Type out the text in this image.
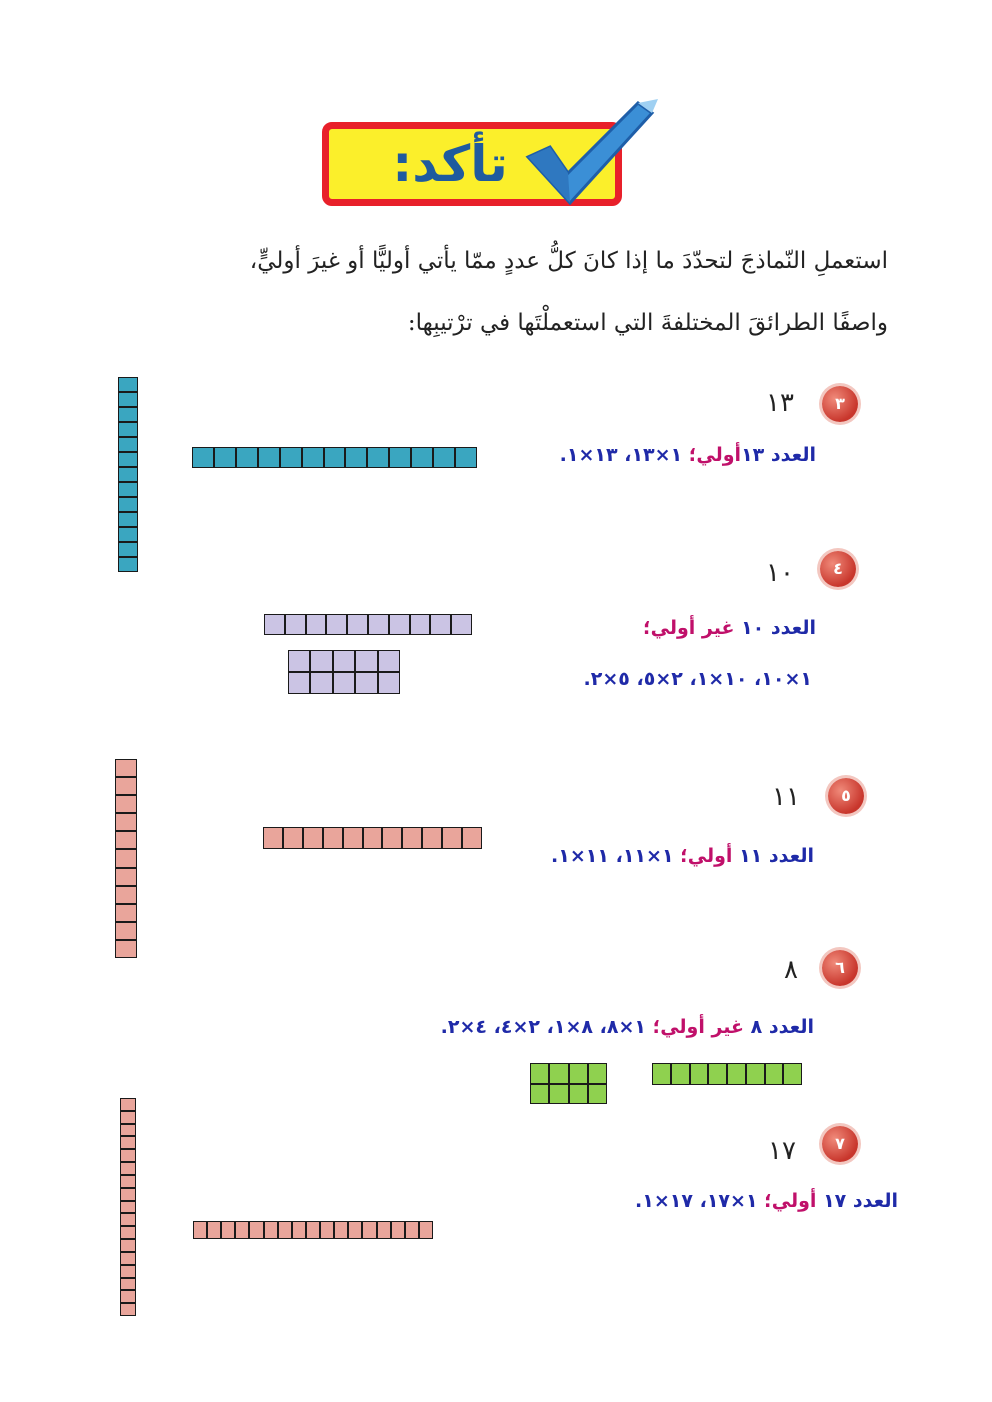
تأكد:
استعملِ النّماذجَ لتحدّدَ ما إذا كانَ كلُّ عددٍ ممّا يأتي أوليًّا أو غيرَ أوليٍّ،
واصفًا الطرائقَ المختلفةَ التي استعملْتَها في ترْتيبِها:
٣
١٣
العدد ١٣أولي؛ ١×١٣، ١٣×١.
٤
١٠
العدد ١٠ غير أولي؛
١×١٠، ١٠×١، ٢×٥، ٥×٢.
٥
١١
العدد ١١ أولي؛ ١×١١، ١١×١.
٦
٨
العدد ٨ غير أولي؛ ١×٨، ٨×١، ٢×٤، ٤×٢.
٧
١٧
العدد ١٧ أولي؛ ١×١٧، ١٧×١.
